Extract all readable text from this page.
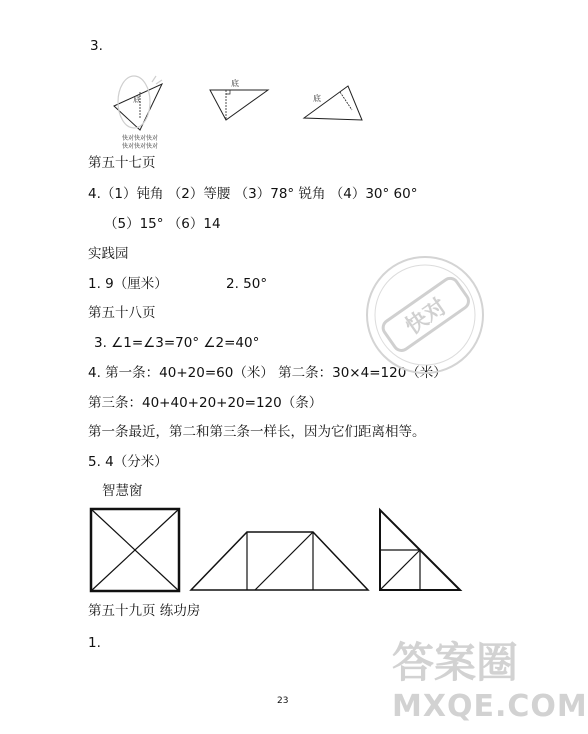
3.
底
快对快对快对
快对快对快对
底
底
第五十七页
4.（1）钝角 （2）等腰 （3）78° 锐角 （4）30° 60°
（5）15° （6）14
实践园
1. 9（厘米）	2. 50°
第五十八页
3. ∠1=∠3=70° ∠2=40°
4. 第一条：40+20=60（米） 第二条：30×4=120（米）
第三条：40+40+20+20=120（条）
第一条最近，第二和第三条一样长，因为它们距离相等。
5. 4（分米）
智慧窗
第五十九页 练功房
1.
23
快对
答案圈
MXQE.COM
